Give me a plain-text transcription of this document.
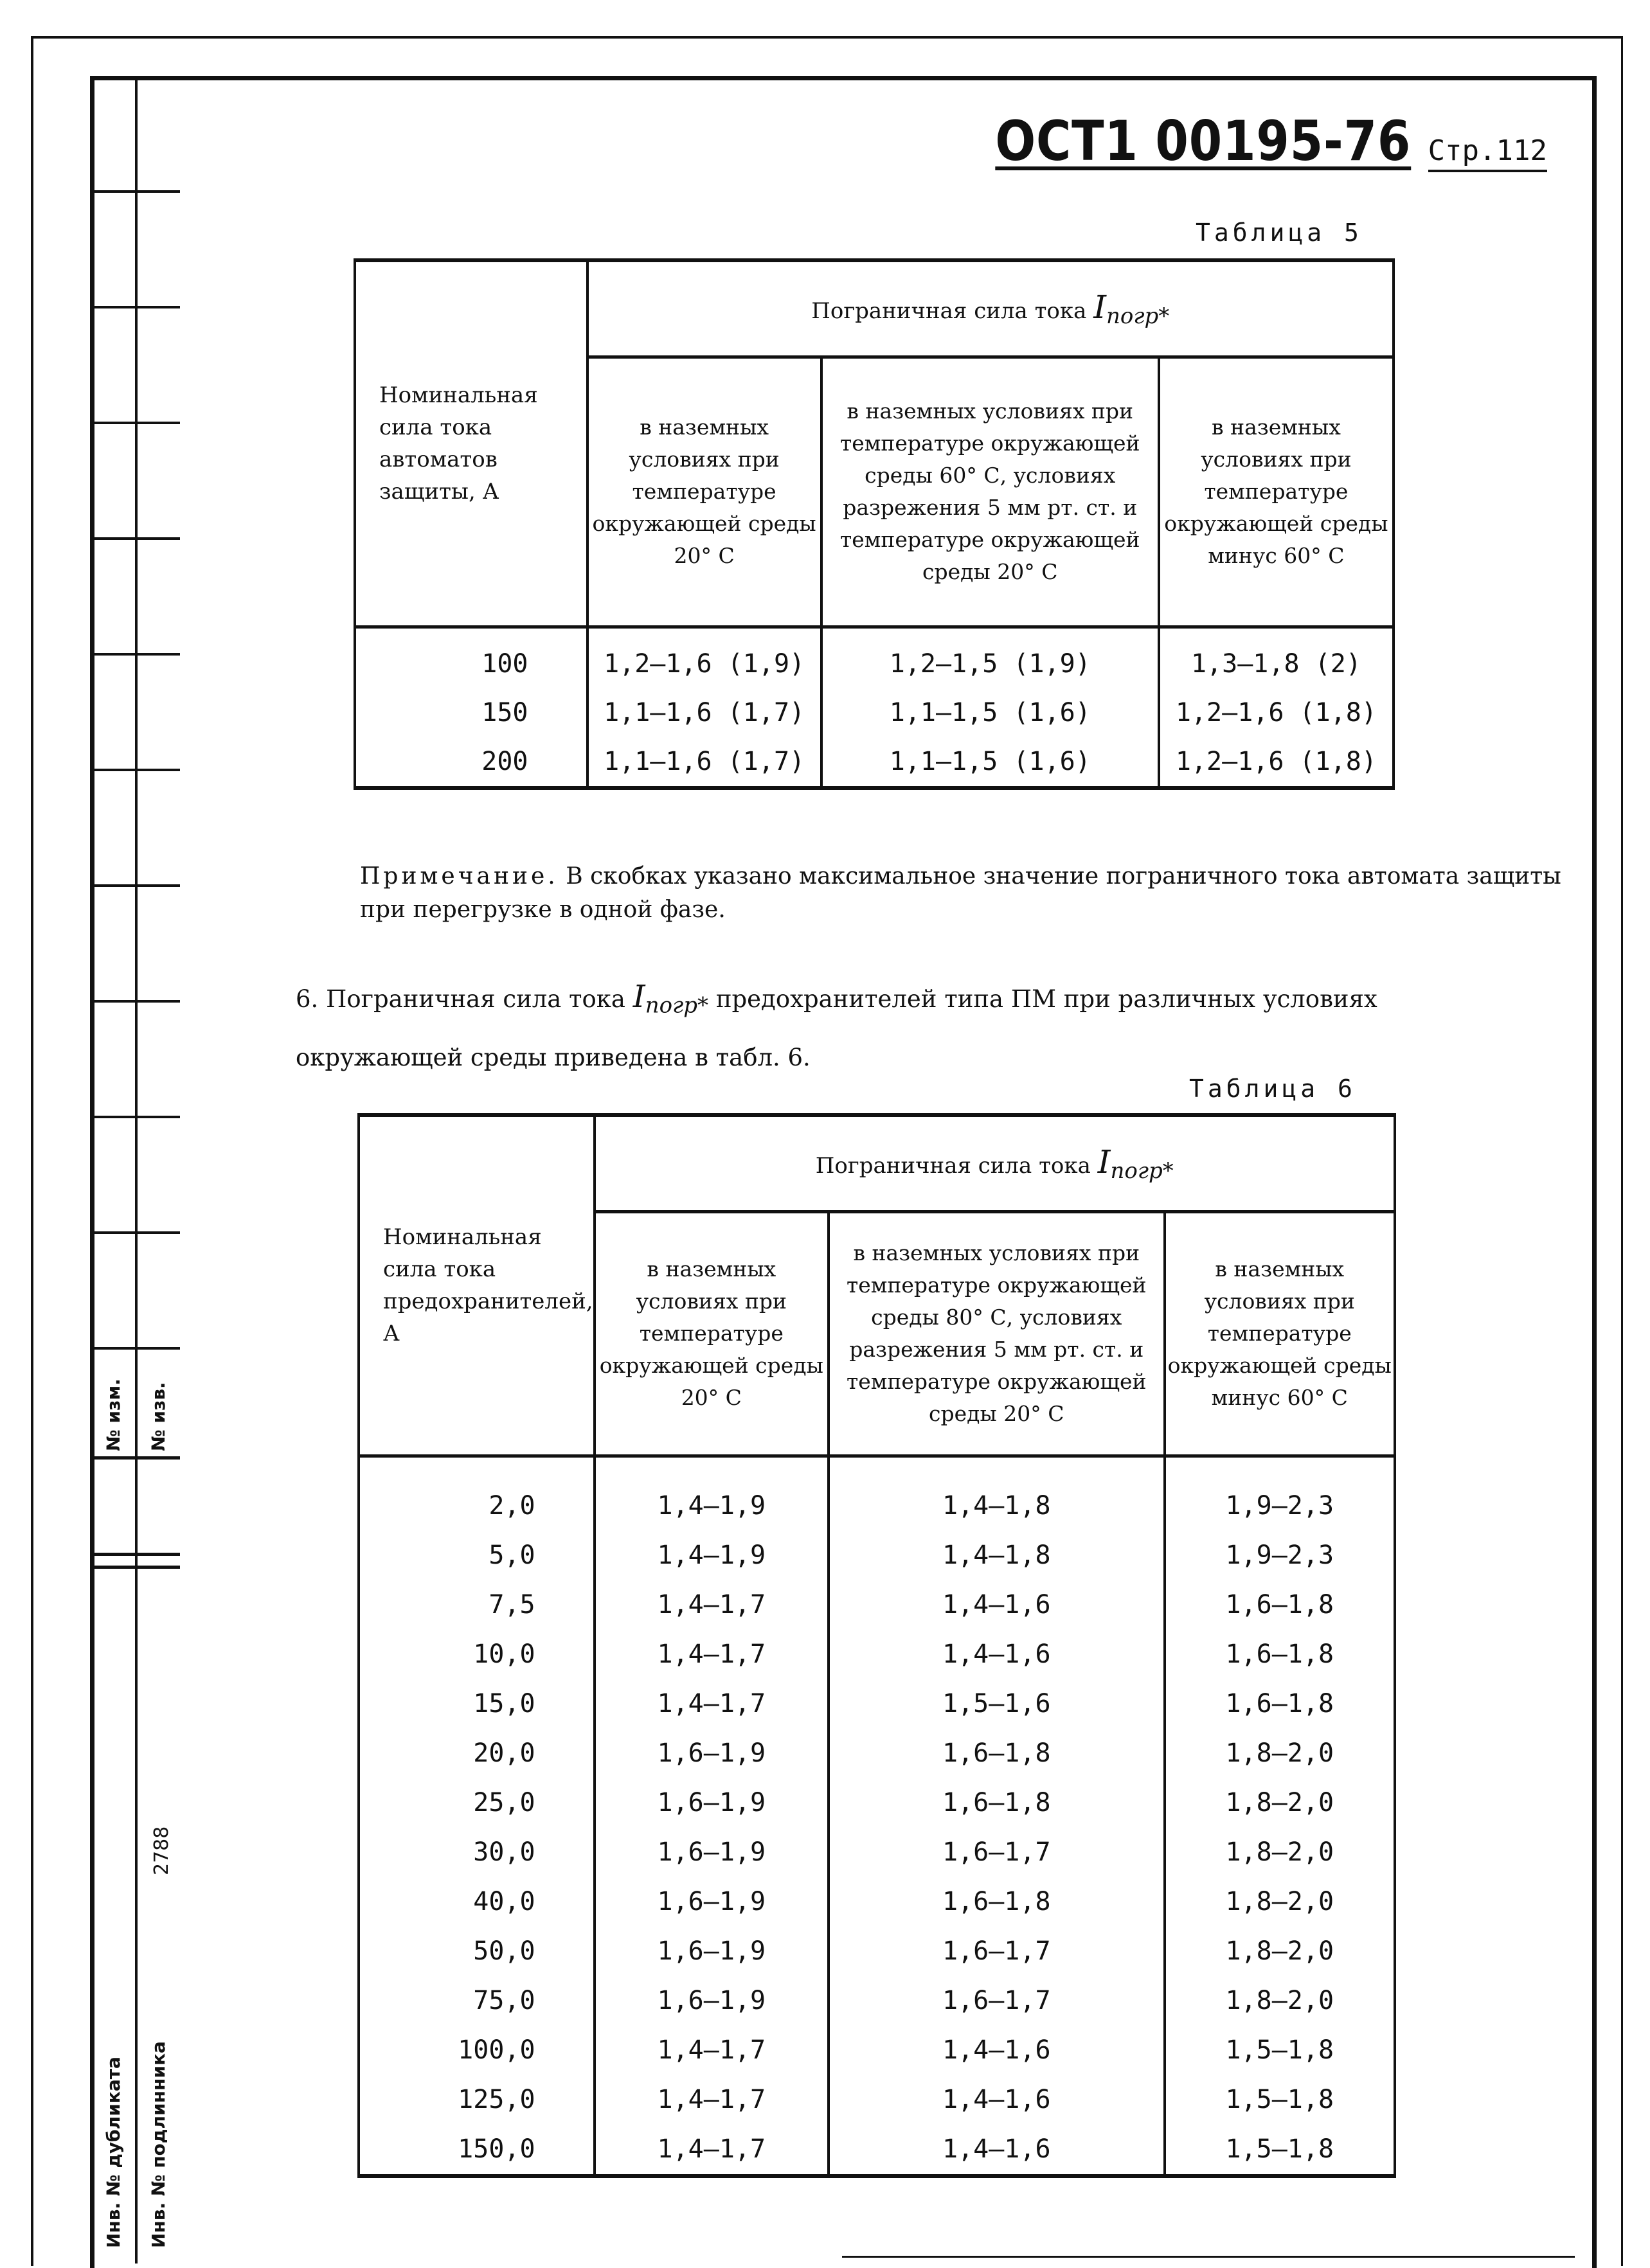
№ изм. № изв.
2788
Инв. № дубликата Инв. № подлинника
ОСТ1 00195-76 Стр.112
Таблица 5
Номинальная сила тока автоматов защиты, А	Пограничная сила тока $I_{погр*}$
	в наземных условиях при температуре окружающей среды 20° С	в наземных условиях при температуре окружающей среды 60° С, условиях разрежения 5 мм рт. ст. и температуре окружающей среды 20° С	в наземных условиях при температуре окружающей среды минус 60° С

100	1,2–1,6 (1,9)	1,2–1,5 (1,9)	1,3–1,8 (2)
150	1,1–1,6 (1,7)	1,1–1,5 (1,6)	1,2–1,6 (1,8)
200	1,1–1,6 (1,7)	1,1–1,5 (1,6)	1,2–1,6 (1,8)
Примечание. В скобках указано максимальное значение пограничного тока автомата защиты при перегрузке в одной фазе.
6. Пограничная сила тока $I_{погр*}$ предохранителей типа ПМ при различных условиях окружающей среды приведена в табл. 6.
Таблица 6
Номинальная сила тока предохранителей, А	Пограничная сила тока $I_{погр*}$
	в наземных условиях при температуре окружающей среды 20° С	в наземных условиях при температуре окружающей среды 80° С, условиях разрежения 5 мм рт. ст. и температуре окружающей среды 20° С	в наземных условиях при температуре окружающей среды минус 60° С

2,0	1,4–1,9	1,4–1,8	1,9–2,3
5,0	1,4–1,9	1,4–1,8	1,9–2,3
7,5	1,4–1,7	1,4–1,6	1,6–1,8
10,0	1,4–1,7	1,4–1,6	1,6–1,8
15,0	1,4–1,7	1,5–1,6	1,6–1,8
20,0	1,6–1,9	1,6–1,8	1,8–2,0
25,0	1,6–1,9	1,6–1,8	1,8–2,0
30,0	1,6–1,9	1,6–1,7	1,8–2,0
40,0	1,6–1,9	1,6–1,8	1,8–2,0
50,0	1,6–1,9	1,6–1,7	1,8–2,0
75,0	1,6–1,9	1,6–1,7	1,8–2,0
100,0	1,4–1,7	1,4–1,6	1,5–1,8
125,0	1,4–1,7	1,4–1,6	1,5–1,8
150,0	1,4–1,7	1,4–1,6	1,5–1,8
